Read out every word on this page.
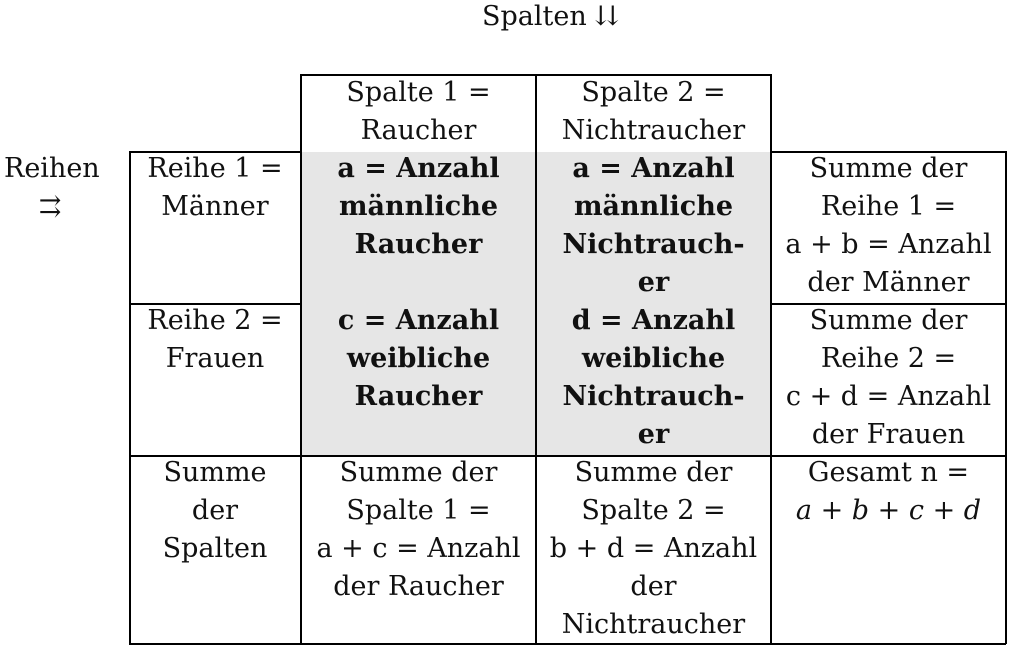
Spalten ⇊
Reihen
⇉
Spalte 1 =
Raucher
Spalte 2 =
Nichtraucher
Reihe 1 =
Männer
a = Anzahl
männliche
Raucher
a = Anzahl
männliche
Nichtrauch-
er
Summe der
Reihe 1 =
a + b = Anzahl
der Männer
Reihe 2 =
Frauen
c = Anzahl
weibliche
Raucher
d = Anzahl
weibliche
Nichtrauch-
er
Summe der
Reihe 2 =
c + d = Anzahl
der Frauen
Summe
der
Spalten
Summe der
Spalte 1 =
a + c = Anzahl
der Raucher
Summe der
Spalte 2 =
b + d = Anzahl
der
Nichtraucher
Gesamt n =
a + b + c + d
